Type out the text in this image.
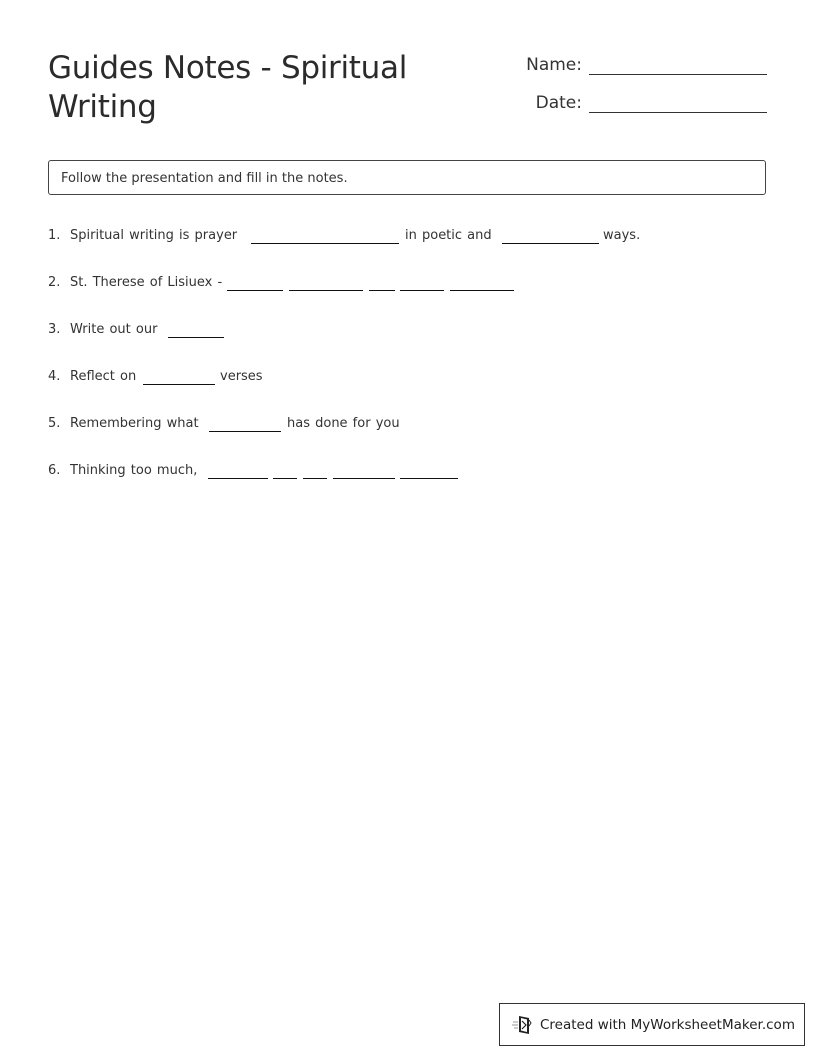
Guides Notes - Spiritual Writing
Name:
Date:
Follow the presentation and fill in the notes.
1. Spiritual writing is prayer	in poetic and	ways.
2. St. Therese of Lisiuex -
3. Write out our
4. Reflect on	verses
5. Remembering what	has done for you
6. Thinking too much,
Created with MyWorksheetMaker.com
